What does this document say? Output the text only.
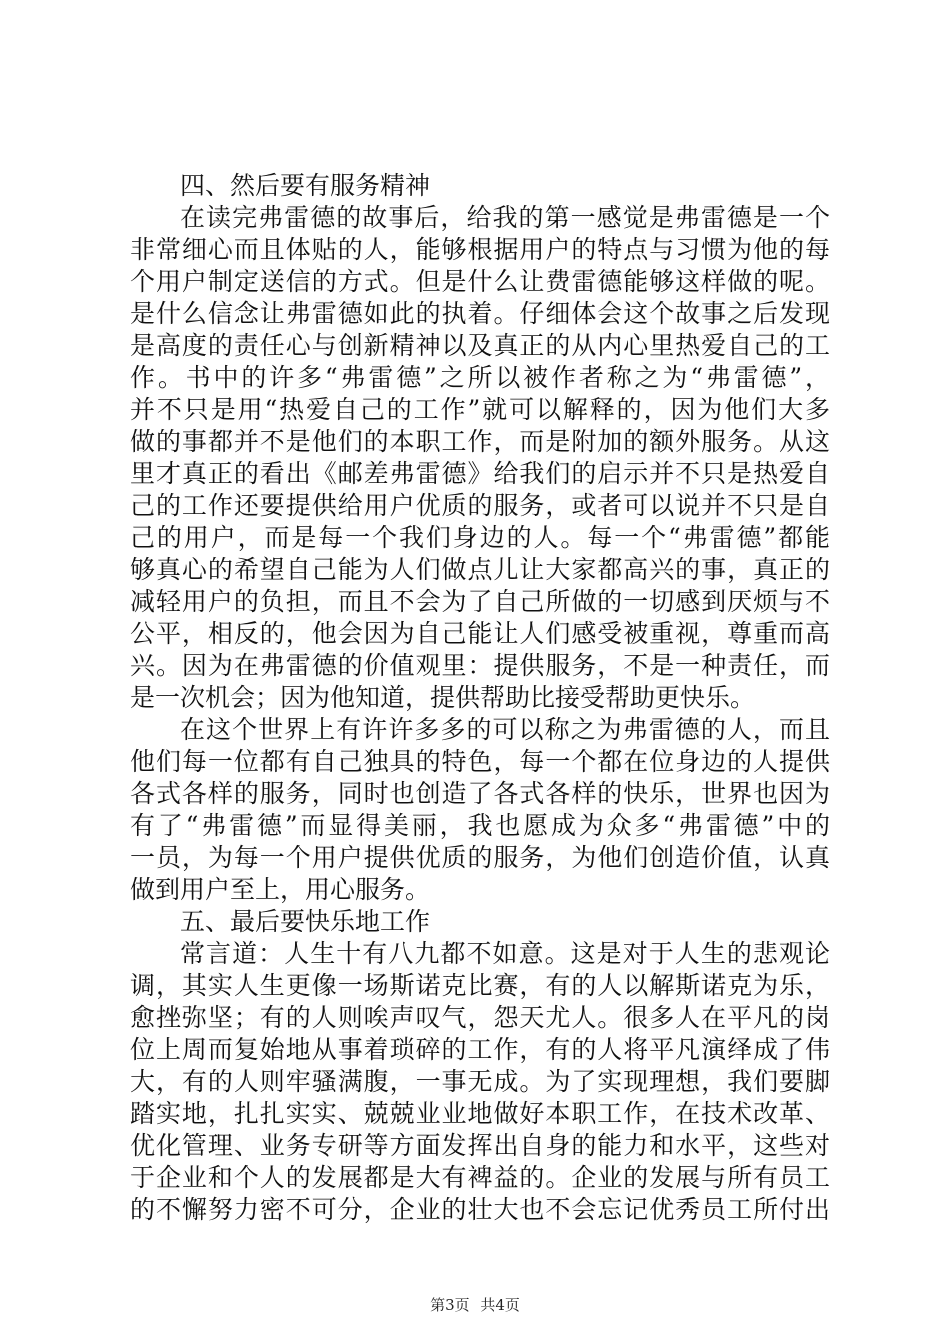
四、然后要有服务精神
在读完弗雷德的故事后，给我的第一感觉是弗雷德是一个
非常细心而且体贴的人，能够根据用户的特点与习惯为他的每
个用户制定送信的方式。但是什么让费雷德能够这样做的呢。
是什么信念让弗雷德如此的执着。仔细体会这个故事之后发现
是高度的责任心与创新精神以及真正的从内心里热爱自己的工
作。书中的许多“弗雷德”之所以被作者称之为“弗雷德”，
并不只是用“热爱自己的工作”就可以解释的，因为他们大多
做的事都并不是他们的本职工作，而是附加的额外服务。从这
里才真正的看出《邮差弗雷德》给我们的启示并不只是热爱自
己的工作还要提供给用户优质的服务，或者可以说并不只是自
己的用户，而是每一个我们身边的人。每一个“弗雷德”都能
够真心的希望自己能为人们做点儿让大家都高兴的事，真正的
减轻用户的负担，而且不会为了自己所做的一切感到厌烦与不
公平，相反的，他会因为自己能让人们感受被重视，尊重而高
兴。因为在弗雷德的价值观里：提供服务，不是一种责任，而
是一次机会；因为他知道，提供帮助比接受帮助更快乐。
在这个世界上有许许多多的可以称之为弗雷德的人，而且
他们每一位都有自己独具的特色，每一个都在位身边的人提供
各式各样的服务，同时也创造了各式各样的快乐，世界也因为
有了“弗雷德”而显得美丽，我也愿成为众多“弗雷德”中的
一员，为每一个用户提供优质的服务，为他们创造价值，认真
做到用户至上，用心服务。
五、最后要快乐地工作
常言道：人生十有八九都不如意。这是对于人生的悲观论
调，其实人生更像一场斯诺克比赛，有的人以解斯诺克为乐，
愈挫弥坚；有的人则唉声叹气，怨天尤人。很多人在平凡的岗
位上周而复始地从事着琐碎的工作，有的人将平凡演绎成了伟
大，有的人则牢骚满腹，一事无成。为了实现理想，我们要脚
踏实地，扎扎实实、兢兢业业地做好本职工作，在技术改革、
优化管理、业务专研等方面发挥出自身的能力和水平，这些对
于企业和个人的发展都是大有裨益的。企业的发展与所有员工
的不懈努力密不可分，企业的壮大也不会忘记优秀员工所付出
第3页 共4页
